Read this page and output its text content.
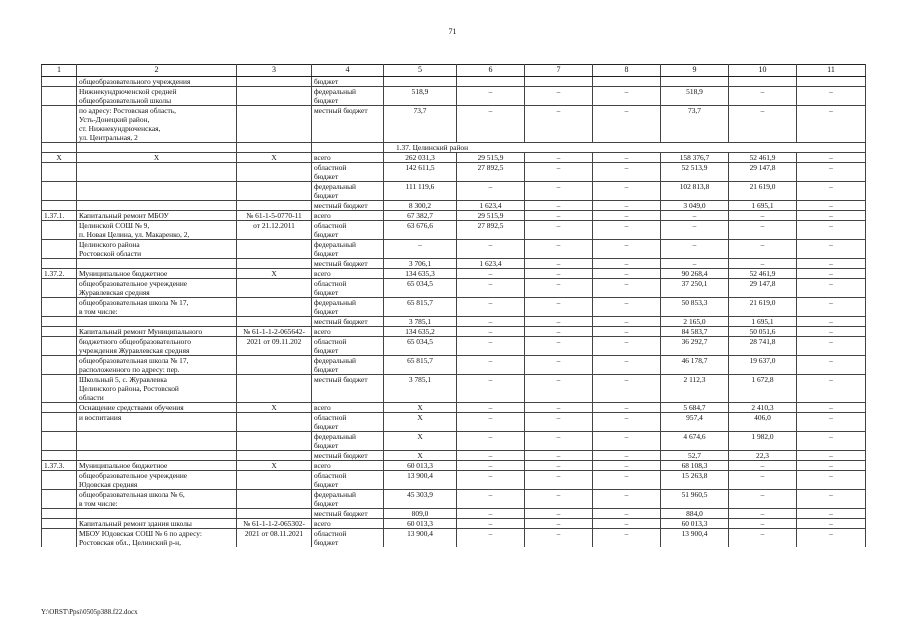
71
1	2	3	4	5	6	7	8	9	10	11
	общеобразовательного учреждения		бюджет							
	Нижнекундрюченской средней		федеральный	518,9	–	–	–	518,9	–	–
	общеобразовательной школы		бюджет							
	по адресу: Ростовская область,		местный бюджет	73,7	–	–	–	73,7	–	–
	Усть-Донецкий район,									
	ст. Нижнекундрюченская,									
	ул. Центральная, 2									

				1.37. Целинский район						
X	X	X	всего	262 031,3	29 515,9	–	–	158 376,7	52 461,9	–
			областной	142 611,5	27 892,5	–	–	52 513,9	29 147,8	–
			бюджет							
			федеральный	111 119,6	–	–	–	102 813,8	21 619,0	–
			бюджет							
			местный бюджет	8 300,2	1 623,4	–	–	3 049,0	1 695,1	–
1.37.1.	Капитальный ремонт МБОУ	№ 61-1-5-0770-11	всего	67 382,7	29 515,9	–	–	–	–	–
	Целинской СОШ № 9,	от 21.12.2011	областной	63 676,6	27 892,5	–	–	–	–	–
	п. Новая Целина, ул. Макаренко, 2,		бюджет							
	Целинского района		федеральный	–	–	–	–	–	–	–
	Ростовской области		бюджет							
			местный бюджет	3 706,1	1 623,4	–	–	–	–	–
1.37.2.	Муниципальное бюджетное	X	всего	134 635,3	–	–	–	90 268,4	52 461,9	–
	общеобразовательное учреждение		областной	65 034,5	–	–	–	37 250,1	29 147,8	–
	Журавлевская средняя		бюджет							
	общеобразовательная школа № 17,		федеральный	65 815,7	–	–	–	50 853,3	21 619,0	–
	в том числе:		бюджет							
			местный бюджет	3 785,1	–	–	–	2 165,0	1 695,1	–
	Капитальный ремонт Муниципального	№ 61-1-1-2-065642-	всего	134 635,2	–	–	–	84 583,7	50 051,6	–
	бюджетного общеобразовательного	2021 от 09.11.202	областной	65 034,5	–	–	–	36 292,7	28 741,8	–
	учреждения Журавлевская средняя		бюджет							
	общеобразовательная школа № 17,		федеральный	65 815,7	–	–	–	46 178,7	19 637,0	–
	расположенного по адресу: пер.		бюджет							
	Школьный 5, с. Журавлевка		местный бюджет	3 785,1	–	–	–	2 112,3	1 672,8	–
	Целинского района, Ростовской									
	области									
	Оснащение средствами обучения	X	всего	X	–	–	–	5 684,7	2 410,3	–
	и воспитания		областной	X	–	–	–	957,4	406,0	–
			бюджет							
			федеральный	X	–	–	–	4 674,6	1 982,0	–
			бюджет							
			местный бюджет	X	–	–	–	52,7	22,3	–
1.37.3.	Муниципальное бюджетное	X	всего	60 013,3	–	–	–	68 108,3	–	–
	общеобразовательное учреждение		областной	13 900,4	–	–	–	15 263,8	–	–
	Юдовская средняя		бюджет							
	общеобразовательная школа № 6,		федеральный	45 303,9	–	–	–	51 960,5	–	–
	в том числе:		бюджет							
			местный бюджет	809,0	–	–	–	884,0	–	–
	Капитальный ремонт здания школы	№ 61-1-1-2-065302-	всего	60 013,3	–	–	–	60 013,3	–	–
	МБОУ Юдовская СОШ № 6 по адресу:	2021 от 08.11.2021	областной	13 900,4	–	–	–	13 900,4	–	–
	Ростовская обл., Целинский р-н,		бюджет							
Y:\ORST\Ppsi\0505p388.f22.docx
